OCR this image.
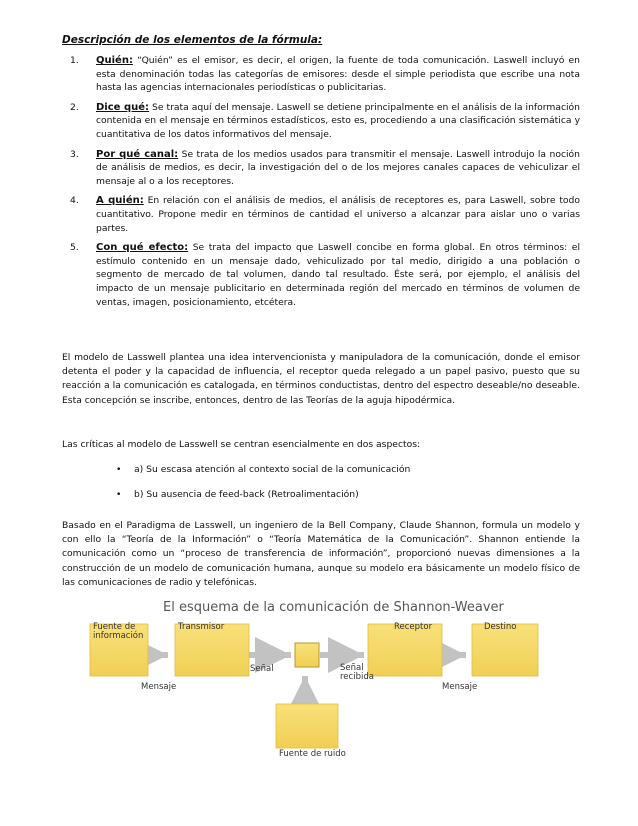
Descripción de los elementos de la fórmula:
1. Quién: “Quién” es el emisor, es decir, el origen, la fuente de toda comunicación. Laswell incluyó en esta denominación todas las categorías de emisores: desde el simple periodista que escribe una nota hasta las agencias internacionales periodísticas o publicitarias.
2. Dice qué: Se trata aquí del mensaje. Laswell se detiene principalmente en el análisis de la información contenida en el mensaje en términos estadísticos, esto es, procediendo a una clasificación sistemática y cuantitativa de los datos informativos del mensaje.
3. Por qué canal: Se trata de los medios usados para transmitir el mensaje. Laswell introdujo la noción de análisis de medios, es decir, la investigación del o de los mejores canales capaces de vehiculizar el mensaje al o a los receptores.
4. A quién: En relación con el análisis de medios, el análisis de receptores es, para Laswell, sobre todo cuantitativo. Propone medir en términos de cantidad el universo a alcanzar para aislar uno o varias partes.
5. Con qué efecto: Se trata del impacto que Laswell concibe en forma global. En otros términos: el estímulo contenido en un mensaje dado, vehiculizado por tal medio, dirigido a una población o segmento de mercado de tal volumen, dando tal resultado. Éste será, por ejemplo, el análisis del impacto de un mensaje publicitario en determinada región del mercado en términos de volumen de ventas, imagen, posicionamiento, etcétera.

El modelo de Lasswell plantea una idea intervencionista y manipuladora de la comunicación, donde el emisor detenta el poder y la capacidad de influencia, el receptor queda relegado a un papel pasivo, puesto que su reacción a la comunicación es catalogada, en términos conductistas, dentro del espectro deseable/no deseable. Esta concepción se inscribe, entonces, dentro de las Teorías de la aguja hipodérmica.

Las críticas al modelo de Lasswell se centran esencialmente en dos aspectos:

• a) Su escasa atención al contexto social de la comunicación
• b) Su ausencia de feed-back (Retroalimentación)

Basado en el Paradigma de Lasswell, un ingeniero de la Bell Company, Claude Shannon, formula un modelo y con ello la “Teoría de la Información” o “Teoría Matemática de la Comunicación”. Shannon entiende la comunicación como un “proceso de transferencia de información”, proporcionó nuevas dimensiones a la construcción de un modelo de comunicación humana, aunque su modelo era básicamente un modelo físico de las comunicaciones de radio y telefónicas.

El esquema de la comunicación de Shannon-Weaver
Fuente de
información
Transmisor	Receptor	Destino
Mensaje
Señal	Señal
recibida
Mensaje
Fuente de ruido
